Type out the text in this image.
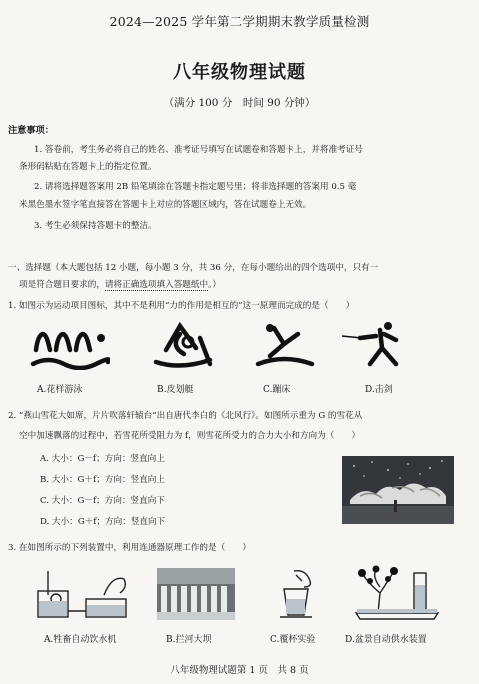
2024—2025 学年第二学期期末教学质量检测
八年级物理试题
（满分 100 分　时间 90 分钟）
注意事项：
1. 答卷前，考生务必将自己的姓名、准考证号填写在试题卷和答题卡上，并将准考证号
条形码粘贴在答题卡上的指定位置。
2. 请将选择题答案用 2B 铅笔填涂在答题卡指定题号里；将非选择题的答案用 0.5 毫
米黑色墨水签字笔直接答在答题卡上对应的答题区域内，答在试题卷上无效。
3. 考生必须保持答题卡的整洁。
一、选择题（本大题包括 12 小题，每小题 3 分，共 36 分，在每小题给出的四个选项中，只有一
项是符合题目要求的，请将正确选项填入答题纸中。）
1. 如图示为运动项目图标，其中不是利用“力的作用是相互的”这一原理而完成的是（　　）
A.花样游泳	B.皮划艇	C.蹦床	D.击剑
2. “燕山雪花大如席，片片吹落轩辕台”出自唐代李白的《北风行》。如图所示重为 G 的雪花从
空中加速飘落的过程中，若雪花所受阻力为 f，则雪花所受力的合力大小和方向为（　　）
A. 大小：G－f；方向：竖直向上
B. 大小：G＋f；方向：竖直向上
C. 大小：G－f；方向：竖直向下
D. 大小：G＋f；方向：竖直向下
3. 在如图所示的下列装置中，利用连通器原理工作的是（　　）
A.牲畜自动饮水机	B.拦河大坝	C.覆杯实验	D.盆景自动供水装置
八年级物理试题第 1 页　共 8 页
